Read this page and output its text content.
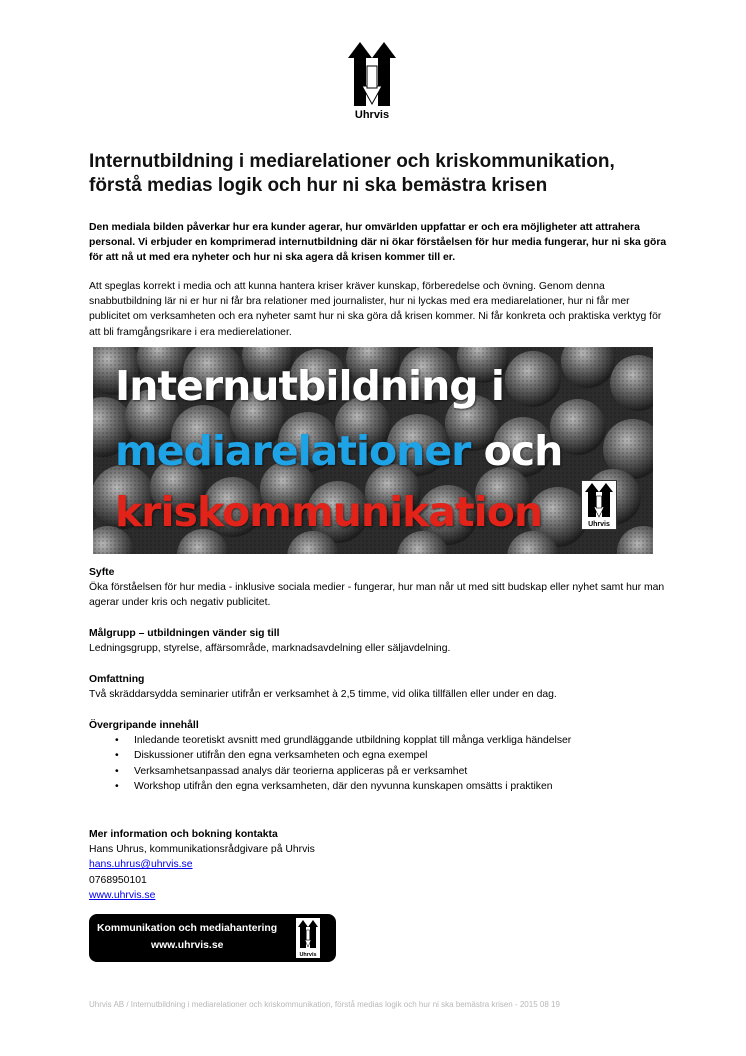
Uhrvis
Internutbildning i mediarelationer och kriskommunikation,
förstå medias logik och hur ni ska bemästra krisen
Den mediala bilden påverkar hur era kunder agerar, hur omvärlden uppfattar er och era möjligheter att attrahera personal. Vi erbjuder en komprimerad internutbildning där ni ökar förståelsen för hur media fungerar, hur ni ska göra för att nå ut med era nyheter och hur ni ska agera då krisen kommer till er.
Att speglas korrekt i media och att kunna hantera kriser kräver kunskap, förberedelse och övning. Genom denna snabbutbildning lär ni er hur ni får bra relationer med journalister, hur ni lyckas med era mediarelationer, hur ni får mer publicitet om verksamheten och era nyheter samt hur ni ska göra då krisen kommer. Ni får konkreta och praktiska verktyg för att bli framgångsrikare i era medierelationer.
Internutbildning i
mediarelationer och
kriskommunikation	Uhrvis
Syfte
Öka förståelsen för hur media - inklusive sociala medier - fungerar, hur man når ut med sitt budskap eller nyhet samt hur man agerar under kris och negativ publicitet.
Målgrupp – utbildningen vänder sig till
Ledningsgrupp, styrelse, affärsområde, marknadsavdelning eller säljavdelning.
Omfattning
Två skräddarsydda seminarier utifrån er verksamhet à 2,5 timme, vid olika tillfällen eller under en dag.
Övergripande innehåll
• Inledande teoretiskt avsnitt med grundläggande utbildning kopplat till många verkliga händelser
• Diskussioner utifrån den egna verksamheten och egna exempel
• Verksamhetsanpassad analys där teorierna appliceras på er verksamhet
• Workshop utifrån den egna verksamheten, där den nyvunna kunskapen omsätts i praktiken
Mer information och bokning kontakta
Hans Uhrus, kommunikationsrådgivare på Uhrvis
hans.uhrus@uhrvis.se
0768950101
www.uhrvis.se
Kommunikation och mediahantering
www.uhrvis.se
Uhrvis
Uhrvis AB / Internutbildning i mediarelationer och kriskommunikation, förstå medias logik och hur ni ska bemästra krisen - 2015 08 19
